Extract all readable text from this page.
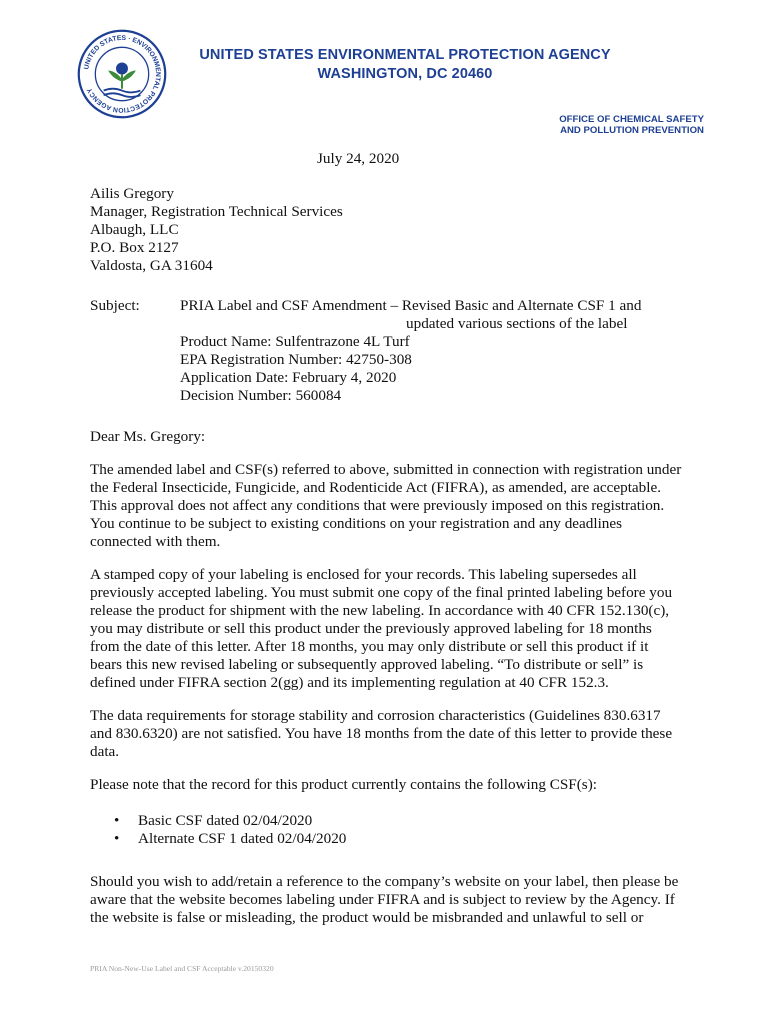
UNITED STATES · ENVIRONMENTAL PROTECTION AGENCY
UNITED STATES ENVIRONMENTAL PROTECTION AGENCY
WASHINGTON, DC 20460
OFFICE OF CHEMICAL SAFETY
AND POLLUTION PREVENTION
July 24, 2020
Ailis Gregory
Manager, Registration Technical Services
Albaugh, LLC
P.O. Box 2127
Valdosta, GA 31604
Subject:	PRIA Label and CSF Amendment – Revised Basic and Alternate CSF 1 and
updated various sections of the label
Product Name: Sulfentrazone 4L Turf
EPA Registration Number: 42750-308
Application Date: February 4, 2020
Decision Number: 560084
Dear Ms. Gregory:
The amended label and CSF(s) referred to above, submitted in connection with registration under
the Federal Insecticide, Fungicide, and Rodenticide Act (FIFRA), as amended, are acceptable.
This approval does not affect any conditions that were previously imposed on this registration.
You continue to be subject to existing conditions on your registration and any deadlines
connected with them.
A stamped copy of your labeling is enclosed for your records. This labeling supersedes all
previously accepted labeling. You must submit one copy of the final printed labeling before you
release the product for shipment with the new labeling. In accordance with 40 CFR 152.130(c),
you may distribute or sell this product under the previously approved labeling for 18 months
from the date of this letter. After 18 months, you may only distribute or sell this product if it
bears this new revised labeling or subsequently approved labeling. “To distribute or sell” is
defined under FIFRA section 2(gg) and its implementing regulation at 40 CFR 152.3.
The data requirements for storage stability and corrosion characteristics (Guidelines 830.6317
and 830.6320) are not satisfied. You have 18 months from the date of this letter to provide these
data.
Please note that the record for this product currently contains the following CSF(s):
• Basic CSF dated 02/04/2020
• Alternate CSF 1 dated 02/04/2020
Should you wish to add/retain a reference to the company’s website on your label, then please be
aware that the website becomes labeling under FIFRA and is subject to review by the Agency. If
the website is false or misleading, the product would be misbranded and unlawful to sell or
PRIA Non-New-Use Label and CSF Acceptable v.20150320
